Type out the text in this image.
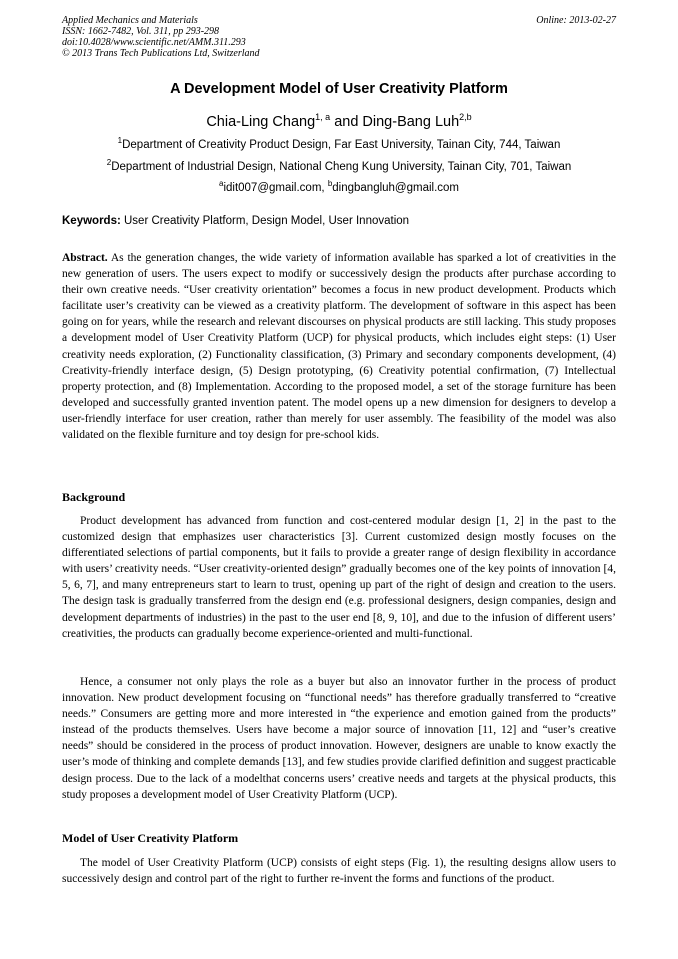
Applied Mechanics and Materials
ISSN: 1662-7482, Vol. 311, pp 293-298
doi:10.4028/www.scientific.net/AMM.311.293
© 2013 Trans Tech Publications Ltd, Switzerland
Online: 2013-02-27
A Development Model of User Creativity Platform
Chia-Ling Chang$^{1, a}$ and Ding-Bang Luh$^{2,b}$
$^1$Department of Creativity Product Design, Far East University, Tainan City, 744, Taiwan
$^2$Department of Industrial Design, National Cheng Kung University, Tainan City, 701, Taiwan
$^a$idit007@gmail.com, $^b$dingbangluh@gmail.com
Keywords: User Creativity Platform, Design Model, User Innovation
Abstract. As the generation changes, the wide variety of information available has sparked a lot of creativities in the new generation of users. The users expect to modify or successively design the products after purchase according to their own creative needs. “User creativity orientation” becomes a focus in new product development. Products which facilitate user’s creativity can be viewed as a creativity platform. The development of software in this aspect has been going on for years, while the research and relevant discourses on physical products are still lacking. This study proposes a development model of User Creativity Platform (UCP) for physical products, which includes eight steps: (1) User creativity needs exploration, (2) Functionality classification, (3) Primary and secondary components development, (4) Creativity-friendly interface design, (5) Design prototyping, (6) Creativity potential confirmation, (7) Intellectual property protection, and (8) Implementation. According to the proposed model, a set of the storage furniture has been developed and successfully granted invention patent. The model opens up a new dimension for designers to develop a user-friendly interface for user creation, rather than merely for user assembly. The feasibility of the model was also validated on the flexible furniture and toy design for pre-school kids.
Background
Product development has advanced from function and cost-centered modular design [1, 2] in the past to the customized design that emphasizes user characteristics [3]. Current customized design mostly focuses on the differentiated selections of partial components, but it fails to provide a greater range of design flexibility in accordance with users’ creativity needs. “User creativity-oriented design” gradually becomes one of the key points of innovation [4, 5, 6, 7], and many entrepreneurs start to learn to trust, opening up part of the right of design and creation to the users. The design task is gradually transferred from the design end (e.g. professional designers, design companies, design and development departments of industries) in the past to the user end [8, 9, 10], and due to the infusion of different users’ creativities, the products can gradually become experience-oriented and multi-functional.
Hence, a consumer not only plays the role as a buyer but also an innovator further in the process of product innovation. New product development focusing on “functional needs” has therefore gradually transferred to “creative needs.” Consumers are getting more and more interested in “the experience and emotion gained from the products” instead of the products themselves. Users have become a major source of innovation [11, 12] and “user’s creative needs” should be considered in the process of product innovation. However, designers are unable to know exactly the user’s mode of thinking and complete demands [13], and few studies provide clarified definition and suggest practicable design process. Due to the lack of a modelthat concerns users’ creative needs and targets at the physical products, this study proposes a development model of User Creativity Platform (UCP).
Model of User Creativity Platform
The model of User Creativity Platform (UCP) consists of eight steps (Fig. 1), the resulting designs allow users to successively design and control part of the right to further re-invent the forms and functions of the product.
